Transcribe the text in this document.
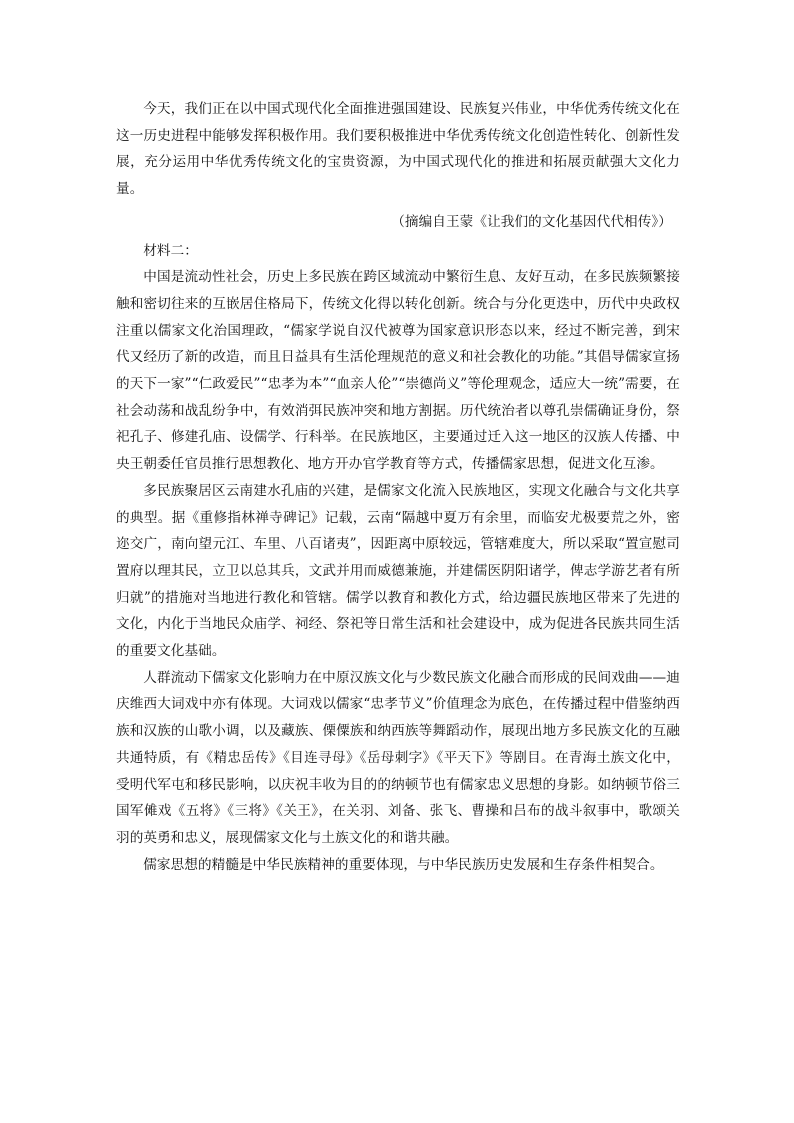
今天，我们正在以中国式现代化全面推进强国建设、民族复兴伟业，中华优秀传统文化在这一历史进程中能够发挥积极作用。我们要积极推进中华优秀传统文化创造性转化、创新性发展，充分运用中华优秀传统文化的宝贵资源，为中国式现代化的推进和拓展贡献强大文化力量。

（摘编自王蒙《让我们的文化基因代代相传》）

材料二：

中国是流动性社会，历史上多民族在跨区域流动中繁衍生息、友好互动，在多民族频繁接触和密切往来的互嵌居住格局下，传统文化得以转化创新。统合与分化更迭中，历代中央政权注重以儒家文化治国理政，“儒家学说自汉代被尊为国家意识形态以来，经过不断完善，到宋代又经历了新的改造，而且日益具有生活伦理规范的意义和社会教化的功能。”其倡导儒家宣扬的天下一家”“仁政爱民”“忠孝为本”“血亲人伦”“崇德尚义”等伦理观念，适应大一统”需要，在社会动荡和战乱纷争中，有效消弭民族冲突和地方割据。历代统治者以尊孔崇儒确证身份，祭祀孔子、修建孔庙、设儒学、行科举。在民族地区，主要通过迁入这一地区的汉族人传播、中央王朝委任官员推行思想教化、地方开办官学教育等方式，传播儒家思想，促进文化互渗。

多民族聚居区云南建水孔庙的兴建，是儒家文化流入民族地区，实现文化融合与文化共享的典型。据《重修指林禅寺碑记》记载，云南“隔越中夏万有余里，而临安尤极要荒之外，密迩交广，南向望元江、车里、八百诸夷”，因距离中原较远，管辖难度大，所以采取“置宣慰司置府以理其民，立卫以总其兵，文武并用而威德兼施，并建儒医阴阳诸学，俾志学游艺者有所归就”的措施对当地进行教化和管辖。儒学以教育和教化方式，给边疆民族地区带来了先进的文化，内化于当地民众庙学、祠经、祭祀等日常生活和社会建设中，成为促进各民族共同生活的重要文化基础。

人群流动下儒家文化影响力在中原汉族文化与少数民族文化融合而形成的民间戏曲——迪庆维西大词戏中亦有体现。大词戏以儒家“忠孝节义”价值理念为底色，在传播过程中借鉴纳西族和汉族的山歌小调，以及藏族、傈僳族和纳西族等舞蹈动作，展现出地方多民族文化的互融共通特质，有《精忠岳传》《目连寻母》《岳母刺字》《平天下》等剧目。在青海土族文化中，受明代军屯和移民影响，以庆祝丰收为目的的纳顿节也有儒家忠义思想的身影。如纳顿节俗三国军傩戏《五将》《三将》《关王》，在关羽、刘备、张飞、曹操和吕布的战斗叙事中，歌颂关羽的英勇和忠义，展现儒家文化与土族文化的和谐共融。

儒家思想的精髓是中华民族精神的重要体现，与中华民族历史发展和生存条件相契合。
